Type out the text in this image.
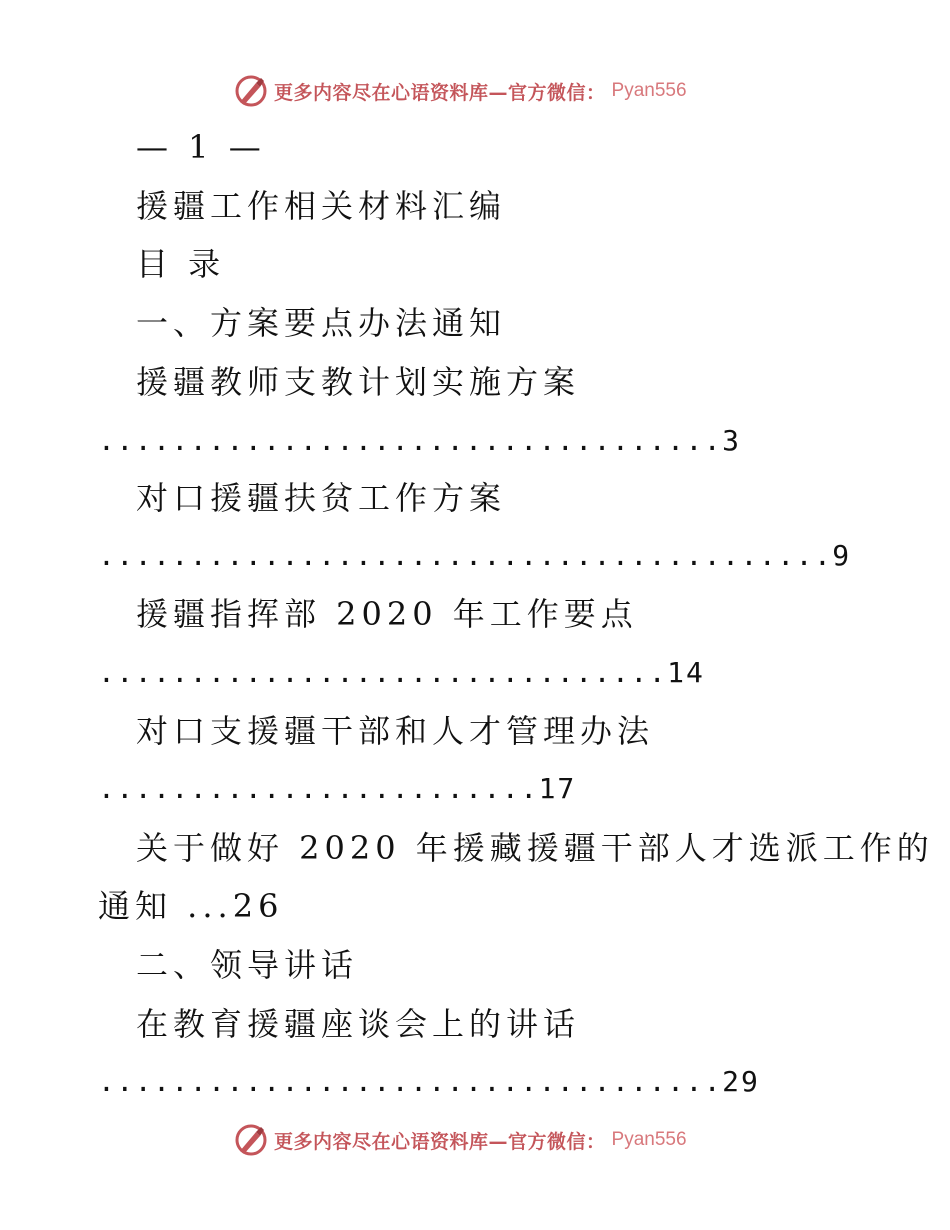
更多内容尽在心语资料库—官方微信： Pyan556
— 1 —
援疆工作相关材料汇编
目 录
一、方案要点办法通知
援疆教师支教计划实施方案
..................................3
对口援疆扶贫工作方案
........................................9
援疆指挥部 2020 年工作要点
...............................14
对口支援疆干部和人才管理办法
........................17
关于做好 2020 年援藏援疆干部人才选派工作的
通知 ...26
二、领导讲话
在教育援疆座谈会上的讲话
..................................29
更多内容尽在心语资料库—官方微信： Pyan556
